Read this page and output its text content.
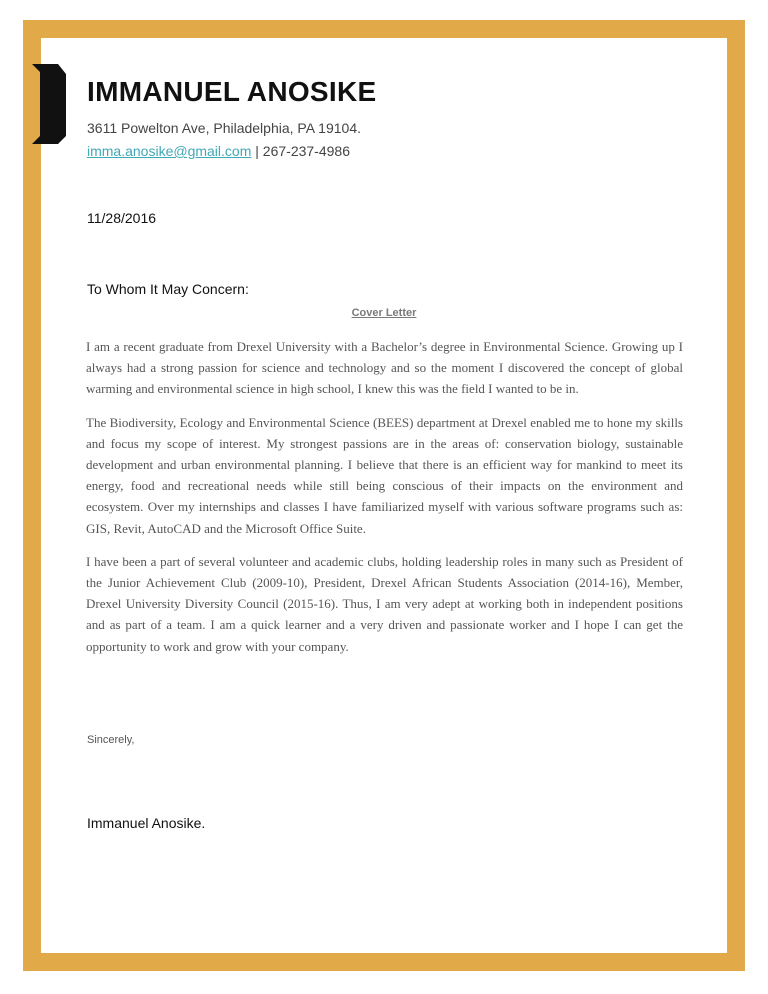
IMMANUEL ANOSIKE
3611 Powelton Ave, Philadelphia, PA 19104.
imma.anosike@gmail.com | 267-237-4986
11/28/2016
To Whom It May Concern:
Cover Letter

I am a recent graduate from Drexel University with a Bachelor’s degree in Environmental Science. Growing up I always had a strong passion for science and technology and so the moment I discovered the concept of global warming and environmental science in high school, I knew this was the field I wanted to be in.

The Biodiversity, Ecology and Environmental Science (BEES) department at Drexel enabled me to hone my skills and focus my scope of interest. My strongest passions are in the areas of: conservation biology, sustainable development and urban environmental planning. I believe that there is an efficient way for mankind to meet its energy, food and recreational needs while still being conscious of their impacts on the environment and ecosystem. Over my internships and classes I have familiarized myself with various software programs such as: GIS, Revit, AutoCAD and the Microsoft Office Suite.

I have been a part of several volunteer and academic clubs, holding leadership roles in many such as President of the Junior Achievement Club (2009-10), President, Drexel African Students Association (2014-16), Member, Drexel University Diversity Council (2015-16). Thus, I am very adept at working both in independent positions and as part of a team. I am a quick learner and a very driven and passionate worker and I hope I can get the opportunity to work and grow with your company.

Sincerely,
Immanuel Anosike.
